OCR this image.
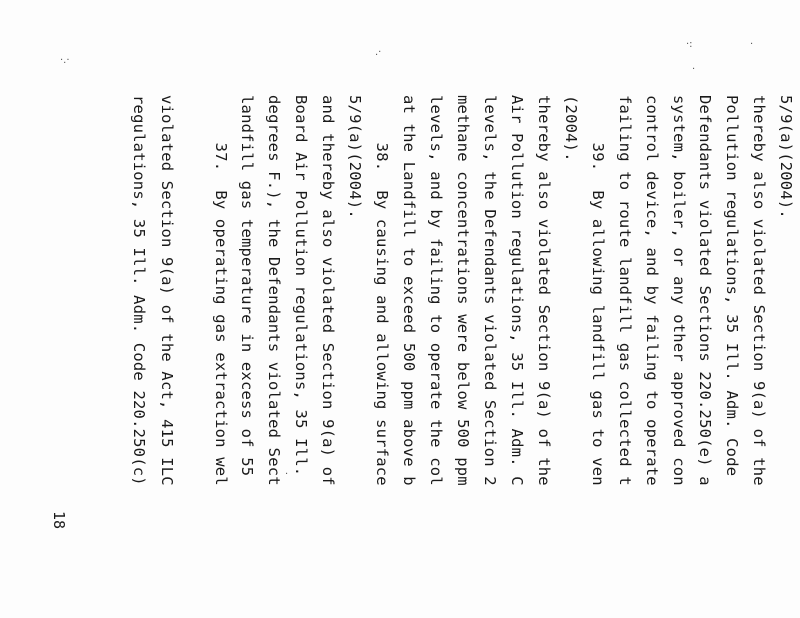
regulations, 35 Ill. Adm. Code 220.250(c) violated Section 9(a) of the Act, 415 ILC 37.  By operating gas extraction wel landfill gas temperature in excess of 55 degrees F.), the Defendants violated Sect Board Air Pollution regulations, 35 Ill. and thereby also violated Section 9(a) of 5/9(a)(2004). 38.  By causing and allowing surface at the Landfill to exceed 500 ppm above b levels, and by failing to operate the col methane concentrations were below 500 ppm levels, the Defendants violated Section 2 Air Pollution regulations, 35 Ill. Adm. C thereby also violated Section 9(a) of the (2004). 39.  By allowing landfill gas to ven failing to route landfill gas collected t control device, and by failing to operate system, boiler, or any other approved con Defendants violated Sections 220.250(e) a Pollution regulations, 35 Ill. Adm. Code thereby also violated Section 9(a) of the 5/9(a)(2004).
18
·.·
.·
·:
.
·
·
